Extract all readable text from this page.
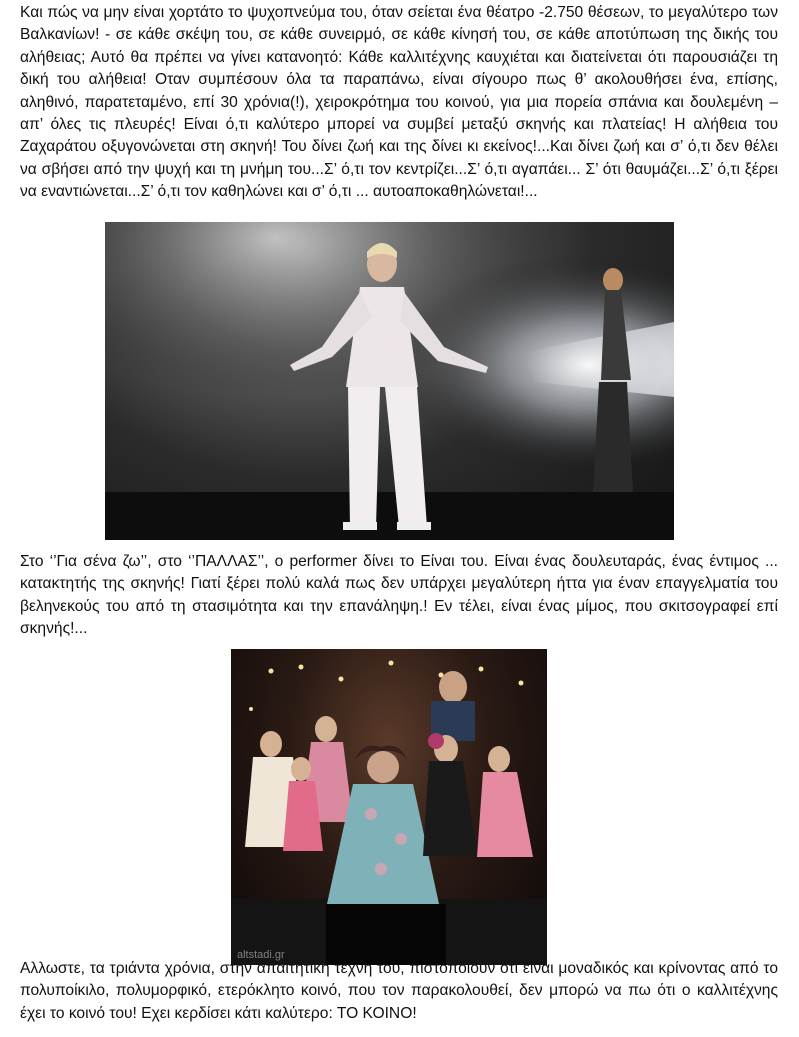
Και πώς να μην είναι χορτάτο το ψυχοπνεύμα του, όταν σείεται ένα θέατρο -2.750 θέσεων, το μεγαλύτερο των Βαλκανίων! - σε κάθε σκέψη του, σε κάθε συνειρμό, σε κάθε κίνησή του, σε κάθε αποτύπωση της δικής του αλήθειας; Αυτό θα πρέπει να γίνει κατανοητό: Κάθε καλλιτέχνης καυχιέται και διατείνεται ότι παρουσιάζει τη δική του αλήθεια! Οταν συμπέσουν όλα τα παραπάνω, είναι σίγουρο πως θ’ ακολουθήσει ένα, επίσης, αληθινό, παρατεταμένο, επί 30 χρόνια(!), χειροκρότημα του κοινού, για μια πορεία σπάνια και δουλεμένη – απ’ όλες τις πλευρές! Είναι ό,τι καλύτερο μπορεί να συμβεί μεταξύ σκηνής και πλατείας! Η αλήθεια του Ζαχαράτου οξυγονώνεται στη σκηνή! Του δίνει ζωή και της δίνει κι εκείνος!...Και δίνει ζωή και σ’ ό,τι δεν θέλει να σβήσει από την ψυχή και τη μνήμη του...Σ’ ό,τι τον κεντρίζει...Σ’ ό,τι αγαπάει... Σ’ ότι θαυμάζει...Σ’ ό,τι ξέρει να εναντιώνεται...Σ’ ό,τι τον καθηλώνει και σ’ ό,τι ... αυτοαποκαθηλώνεται!...

Στο ‘’Για σένα ζω’’, στο ‘’ΠΑΛΛΑΣ’’, ο performer δίνει το Είναι του. Είναι ένας δουλευταράς, ένας έντιμος ... κατακτητής της σκηνής! Γιατί ξέρει πολύ καλά πως δεν υπάρχει μεγαλύτερη ήττα για έναν επαγγελματία του βεληνεκούς του από τη στασιμότητα και την επανάληψη.! Εν τέλει, είναι ένας μίμος, που σκιτσογραφεί επί σκηνής!...

altstadi.gr

Αλλωστε, τα τριάντα χρόνια, στην απαιτητική τέχνη του, πιστοποιούν ότι είναι μοναδικός και κρίνοντας από το πολυποίκιλο, πολυμορφικό, ετερόκλητο κοινό, που τον παρακολουθεί, δεν μπορώ να πω ότι ο καλλιτέχνης έχει το κοινό του! Εχει κερδίσει κάτι καλύτερο: ΤΟ ΚΟΙΝΟ!
